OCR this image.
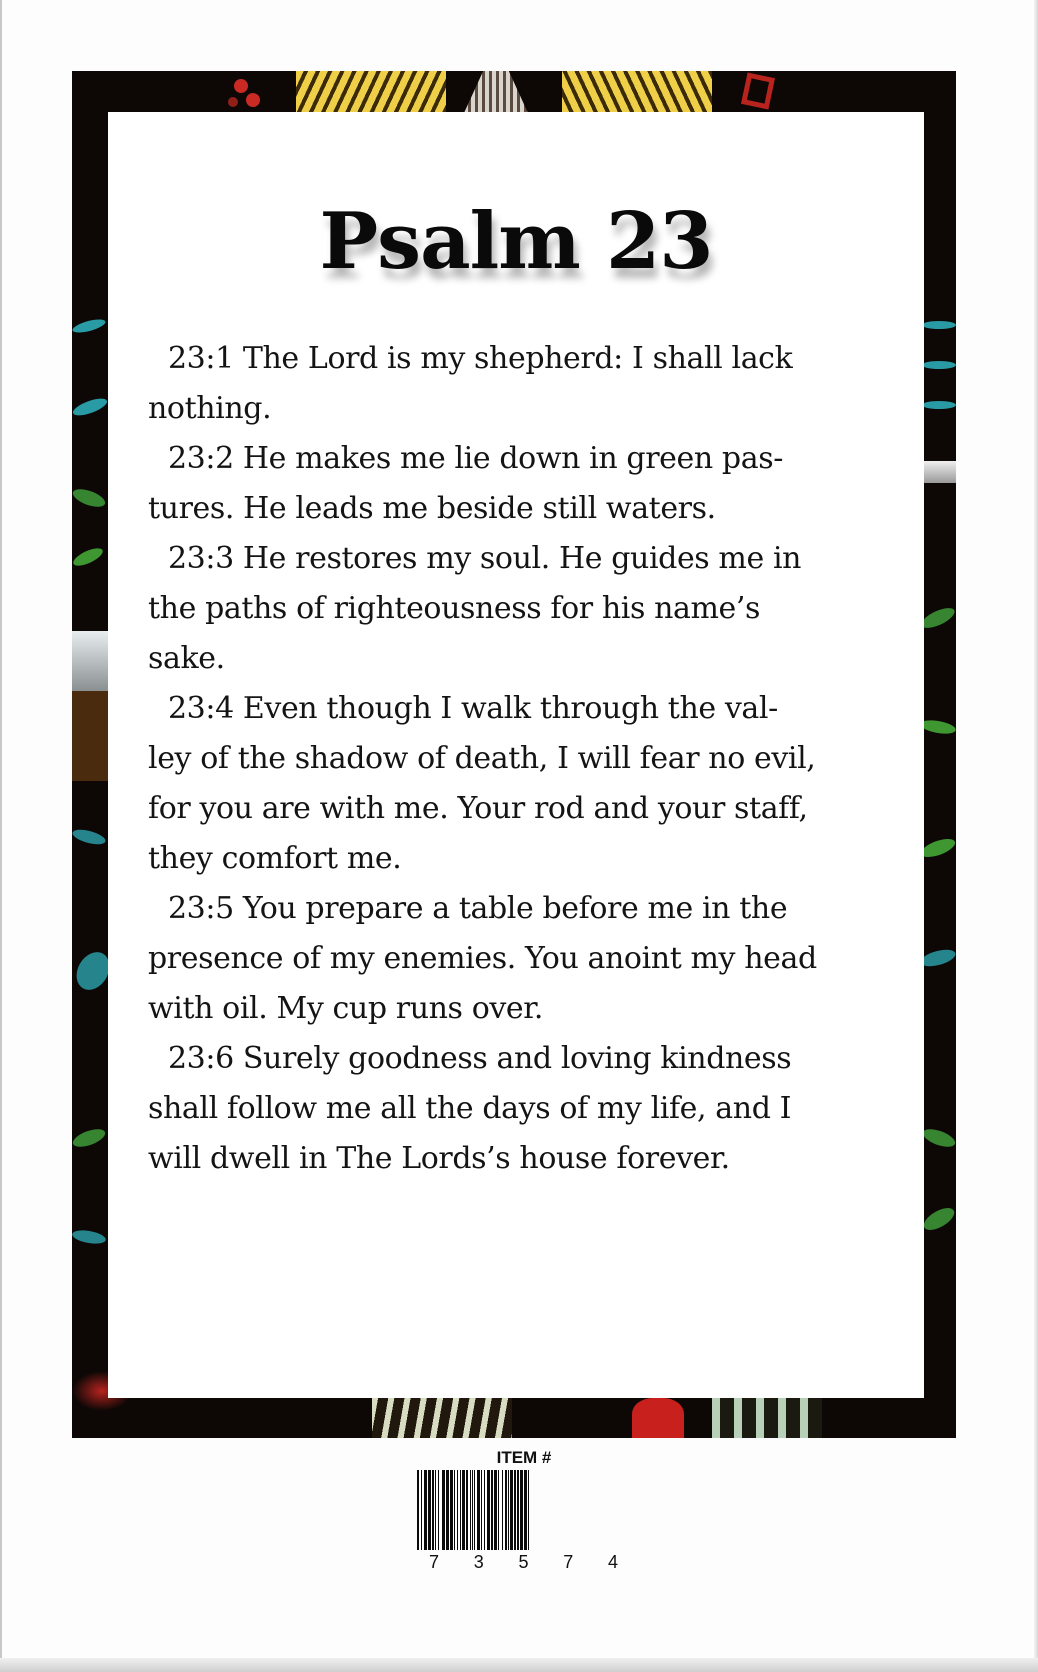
Psalm 23
23:1 The Lord is my shepherd: I shall lack
nothing.
23:2 He makes me lie down in green pas-
tures. He leads me beside still waters.
23:3 He restores my soul. He guides me in
the paths of righteousness for his name’s
sake.
23:4 Even though I walk through the val-
ley of the shadow of death, I will fear no evil,
for you are with me. Your rod and your staff,
they comfort me.
23:5 You prepare a table before me in the
presence of my enemies. You anoint my head
with oil. My cup runs over.
23:6 Surely goodness and loving kindness
shall follow me all the days of my life, and I
will dwell in The Lords’s house forever.
ITEM #
7 3 5 7 4
